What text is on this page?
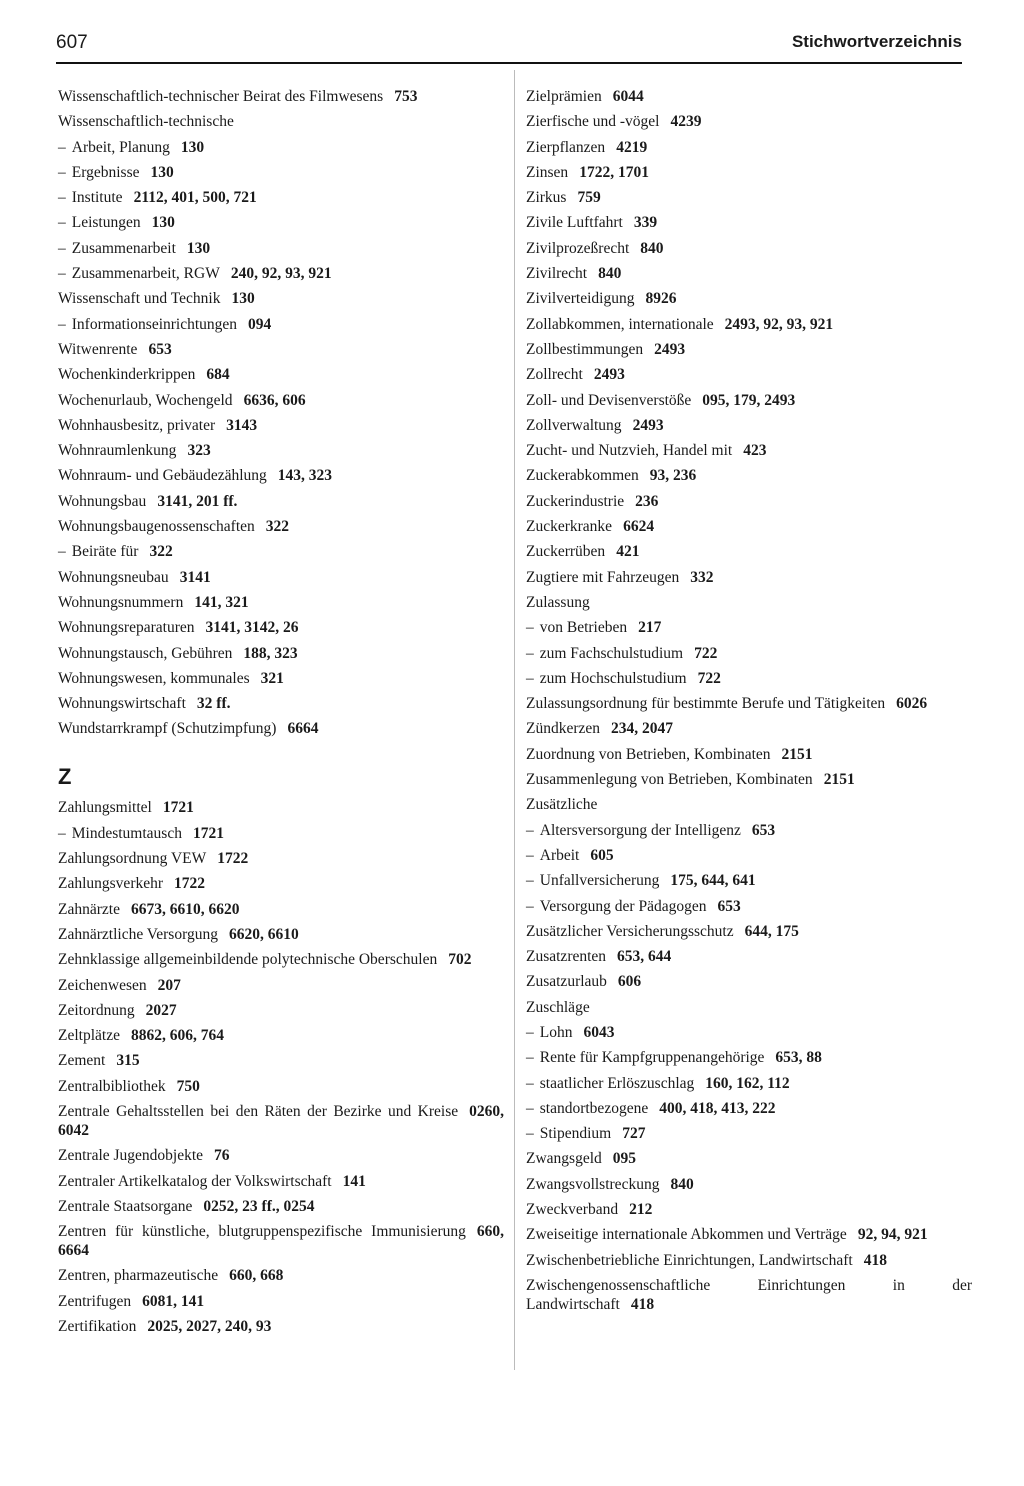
607	Stichwortverzeichnis
Wissenschaftlich-technischer Beirat des Filmwesens 753
Wissenschaftlich-technische
– Arbeit, Planung 130
– Ergebnisse 130
– Institute 2112, 401, 500, 721
– Leistungen 130
– Zusammenarbeit 130
– Zusammenarbeit, RGW 240, 92, 93, 921
Wissenschaft und Technik 130
– Informationseinrichtungen 094
Witwenrente 653
Wochenkinderkrippen 684
Wochenurlaub, Wochengeld 6636, 606
Wohnhausbesitz, privater 3143
Wohnraumlenkung 323
Wohnraum- und Gebäudezählung 143, 323
Wohnungsbau 3141, 201 ff.
Wohnungsbaugenossenschaften 322
– Beiräte für 322
Wohnungsneubau 3141
Wohnungsnummern 141, 321
Wohnungsreparaturen 3141, 3142, 26
Wohnungstausch, Gebühren 188, 323
Wohnungswesen, kommunales 321
Wohnungswirtschaft 32 ff.
Wundstarrkrampf (Schutzimpfung) 6664
Z
Zahlungsmittel 1721
– Mindestumtausch 1721
Zahlungsordnung VEW 1722
Zahlungsverkehr 1722
Zahnärzte 6673, 6610, 6620
Zahnärztliche Versorgung 6620, 6610
Zehnklassige allgemeinbildende polytechnische Oberschulen 702
Zeichenwesen 207
Zeitordnung 2027
Zeltplätze 8862, 606, 764
Zement 315
Zentralbibliothek 750
Zentrale Gehaltsstellen bei den Räten der Bezirke und Kreise 0260, 6042
Zentrale Jugendobjekte 76
Zentraler Artikelkatalog der Volkswirtschaft 141
Zentrale Staatsorgane 0252, 23 ff., 0254
Zentren für künstliche, blutgruppenspezifische Immunisierung 660, 6664
Zentren, pharmazeutische 660, 668
Zentrifugen 6081, 141
Zertifikation 2025, 2027, 240, 93
Zielprämien 6044
Zierfische und -vögel 4239
Zierpflanzen 4219
Zinsen 1722, 1701
Zirkus 759
Zivile Luftfahrt 339
Zivilprozeßrecht 840
Zivilrecht 840
Zivilverteidigung 8926
Zollabkommen, internationale 2493, 92, 93, 921
Zollbestimmungen 2493
Zollrecht 2493
Zoll- und Devisenverstöße 095, 179, 2493
Zollverwaltung 2493
Zucht- und Nutzvieh, Handel mit 423
Zuckerabkommen 93, 236
Zuckerindustrie 236
Zuckerkranke 6624
Zuckerrüben 421
Zugtiere mit Fahrzeugen 332
Zulassung
– von Betrieben 217
– zum Fachschulstudium 722
– zum Hochschulstudium 722
Zulassungsordnung für bestimmte Berufe und Tätigkeiten 6026
Zündkerzen 234, 2047
Zuordnung von Betrieben, Kombinaten 2151
Zusammenlegung von Betrieben, Kombinaten 2151
Zusätzliche
– Altersversorgung der Intelligenz 653
– Arbeit 605
– Unfallversicherung 175, 644, 641
– Versorgung der Pädagogen 653
Zusätzlicher Versicherungsschutz 644, 175
Zusatzrenten 653, 644
Zusatzurlaub 606
Zuschläge
– Lohn 6043
– Rente für Kampfgruppenangehörige 653, 88
– staatlicher Erlöszuschlag 160, 162, 112
– standortbezogene 400, 418, 413, 222
– Stipendium 727
Zwangsgeld 095
Zwangsvollstreckung 840
Zweckverband 212
Zweiseitige internationale Abkommen und Verträge 92, 94, 921
Zwischenbetriebliche Einrichtungen, Landwirtschaft 418
Zwischengenossenschaftliche Einrichtungen in der Landwirtschaft 418
